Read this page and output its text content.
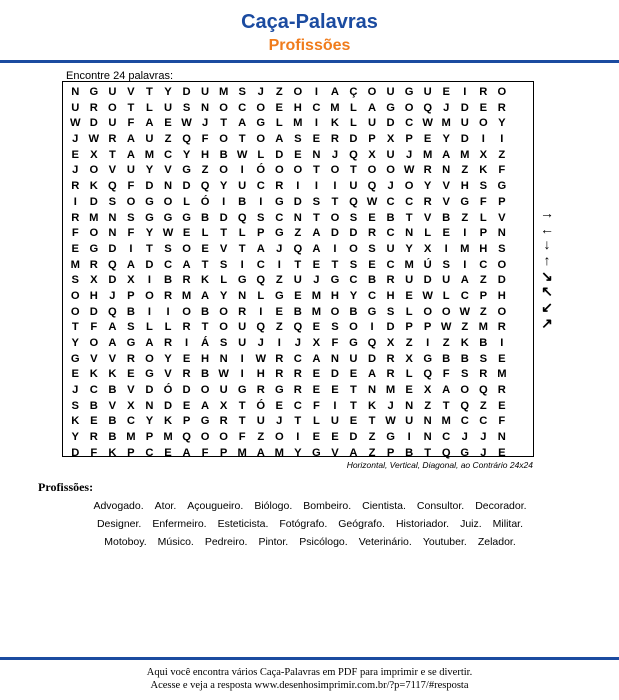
Caça-Palavras
Profissões
Encontre 24 palavras:
N G U V	T	Y D U M S	J	Z O	I	A Ç O U G U E	I	R O
U R O T	L U S N O C O E H C M L A G O Q J	D E R
W D U F A E W J	T A G L M	I	K L U D C W M U O Y
J W R A U Z Q F O T O A S E R D P X P E Y D	I	I
E X	T A M C Y H B W L D E N	J Q X U	J M A M X	Z
J O V U Y V G Z O	I	Ó O O T O T O O W R N Z K F
R K Q F D N D Q Y U C R	I	I	I	U Q J O Y V H S G
I	D S O G O L Ó	I	B	I	G D S	T Q W C C R V G F	P
R M N S G G G B D Q S C N T O S E B T	V B Z	L	V
F O N F	Y W E	L	T	L	P G Z A D D R C N L	E	I	P N
E G D	I	T	S O E V	T A	J Q A	I	O S U Y X	I	M H S
M R Q A D C A T	S	I	C	I	T	E	T	S E C M Ú S	I	C O
S X D X	I	B R K L G Q Z U	J G C B R U D U A Z D
O H	J	P O R M A Y N L G E M H Y C H E W L C P H
O D Q B	I	I	O B O R	I	E B M O B G S	L O O W Z O
T	F A S	L	L R T O U Q Z Q E S O	I	D P P W Z M R
Y O A G A R	I	Á S U	J	I	J	X	F G Q X	Z	I	Z K B	I
G V V R O Y E H N	I	W R C A N U D R X G B B S E
E K K E G V R B W	I	H R R E D E A R L Q F	S R M
J	C B V D Ó D O U G R G R E E	T N M E X A O Q R
S B V X N D E A X	T Ó E C F	I	T K	J	N Z	T Q Z	E
K E B C Y K P G R T U	J	T	L U E	T W U N M C C F
Y R B M P M Q O O F	Z O	I	E E D Z G	I	N C	J	J	N
D F K P C E A F	P M A M Y G V A Z	P B T Q G J	E
→
←
↓
↑
↘
↖
↙
↗
Horizontal, Vertical, Diagonal, ao Contrário 24x24
Profissões:
Advogado. Ator. Açougueiro. Biólogo. Bombeiro. Cientista. Consultor. Decorador.
Designer. Enfermeiro. Esteticista. Fotógrafo. Geógrafo. Historiador. Juiz. Militar.
Motoboy. Músico. Pedreiro. Pintor. Psicólogo. Veterinário. Youtuber. Zelador.
Aqui você encontra vários Caça-Palavras em PDF para imprimir e se divertir.
Acesse e veja a resposta www.desenhosimprimir.com.br/?p=7117/#resposta
